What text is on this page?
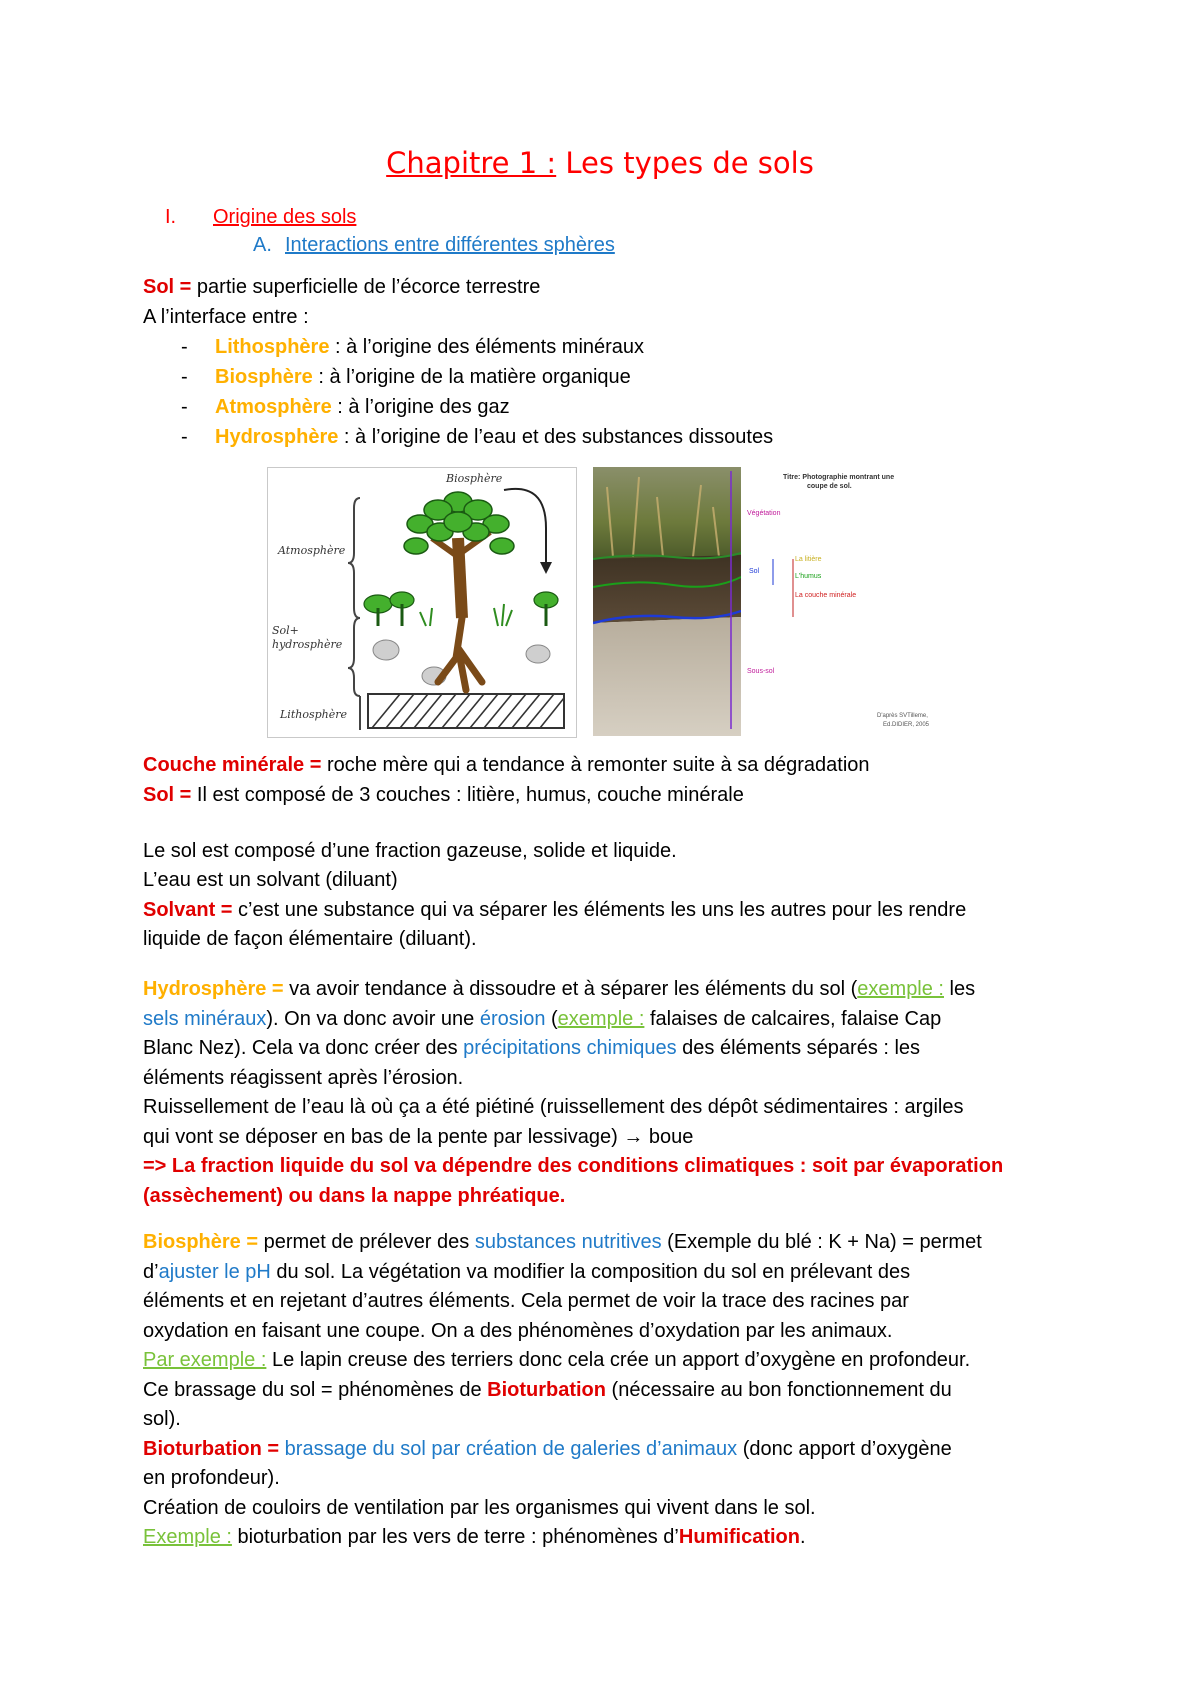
Chapitre 1 : Les types de sols
I. Origine des sols
A. Interactions entre différentes sphères
Sol = partie superficielle de l’écorce terrestre
A l’interface entre :
- Lithosphère : à l’origine des éléments minéraux
- Biosphère : à l’origine de la matière organique
- Atmosphère : à l’origine des gaz
- Hydrosphère : à l’origine de l’eau et des substances dissoutes
Biosphère
Atmosphère
Sol+
hydrosphère
Lithosphère
Titre: Photographie montrant une
coupe de sol.
Végétation
Sol
La litière
L'humus
La couche minérale
Sous-sol
D'après SVTilleme,
Ed.DIDIER, 2005
Couche minérale = roche mère qui a tendance à remonter suite à sa dégradation
Sol = Il est composé de 3 couches : litière, humus, couche minérale
Le sol est composé d’une fraction gazeuse, solide et liquide.
L’eau est un solvant (diluant)
Solvant = c’est une substance qui va séparer les éléments les uns les autres pour les rendre
liquide de façon élémentaire (diluant).
Hydrosphère = va avoir tendance à dissoudre et à séparer les éléments du sol (exemple : les
sels minéraux). On va donc avoir une érosion (exemple : falaises de calcaires, falaise Cap
Blanc Nez). Cela va donc créer des précipitations chimiques des éléments séparés : les
éléments réagissent après l’érosion.
Ruissellement de l’eau là où ça a été piétiné (ruissellement des dépôt sédimentaires : argiles
qui vont se déposer en bas de la pente par lessivage) → boue
=> La fraction liquide du sol va dépendre des conditions climatiques : soit par évaporation
(assèchement) ou dans la nappe phréatique.
Biosphère = permet de prélever des substances nutritives (Exemple du blé : K + Na) = permet
d’ajuster le pH du sol. La végétation va modifier la composition du sol en prélevant des
éléments et en rejetant d’autres éléments. Cela permet de voir la trace des racines par
oxydation en faisant une coupe. On a des phénomènes d’oxydation par les animaux.
Par exemple : Le lapin creuse des terriers donc cela crée un apport d’oxygène en profondeur.
Ce brassage du sol = phénomènes de Bioturbation (nécessaire au bon fonctionnement du
sol).
Bioturbation = brassage du sol par création de galeries d’animaux (donc apport d’oxygène
en profondeur).
Création de couloirs de ventilation par les organismes qui vivent dans le sol.
Exemple : bioturbation par les vers de terre : phénomènes d’Humification.
